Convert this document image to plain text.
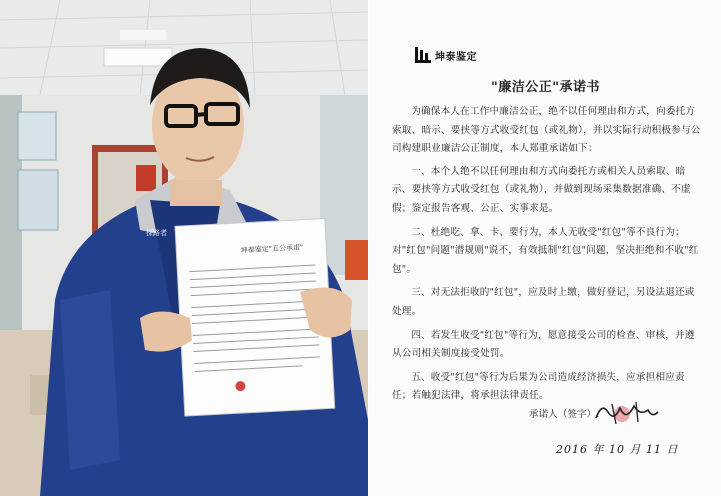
探路者
坤泰鉴定"五公承诺"
坤泰鉴定
"廉洁公正"承诺书

为确保本人在工作中廉洁公正，绝不以任何理由和方式，向委托方索取、暗示、要挟等方式收受红包（或礼物），并以实际行动积极参与公司构建职业廉洁公正制度，本人郑重承诺如下：

一、本个人绝不以任何理由和方式向委托方或相关人员索取、暗示、要挟等方式收受红包（或礼物），并做到现场采集数据准确、不虚假；鉴定报告客观、公正、实事求是。

二、杜绝吃、拿、卡、要行为，本人无收受"红包"等不良行为；对"红包"问题"潜规则"说不，有效抵制"红包"问题，坚决拒绝和不收"红包"。

三、对无法拒收的"红包"，应及时上缴，做好登记，另设法退还或处理。

四、若发生收受"红包"等行为，愿意接受公司的检查、审核，并遵从公司相关制度接受处罚。

五、收受"红包"等行为后果为公司造成经济损失，应承担相应责任；若触犯法律，将承担法律责任。

承诺人（签字）:
2016 年 10 月 11 日
